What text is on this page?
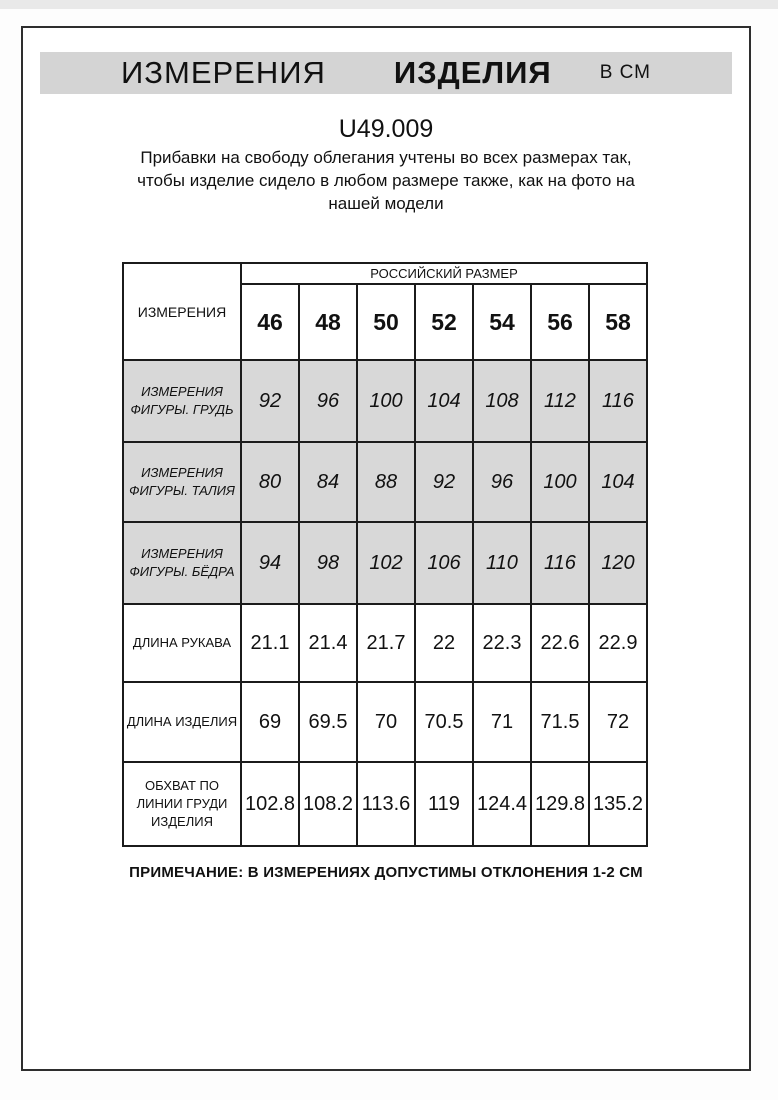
ИЗМЕРЕНИЯ ИЗДЕЛИЯ	В СМ
U49.009
Прибавки на свободу облегания учтены во всех размерах так,
чтобы изделие сидело в любом размере также, как на фото на
нашей модели
ИЗМЕРЕНИЯ	РОССИЙСКИЙ РАЗМЕР						
	46	48	50	52	54	56	58
ИЗМЕРЕНИЯ ФИГУРЫ. ГРУДЬ	92	96	100	104	108	112	116
ИЗМЕРЕНИЯ ФИГУРЫ. ТАЛИЯ	80	84	88	92	96	100	104
ИЗМЕРЕНИЯ ФИГУРЫ. БЁДРА	94	98	102	106	110	116	120
ДЛИНА РУКАВА	21.1	21.4	21.7	22	22.3	22.6	22.9
ДЛИНА ИЗДЕЛИЯ	69	69.5	70	70.5	71	71.5	72
ОБХВАТ ПО ЛИНИИ ГРУДИ ИЗДЕЛИЯ	102.8	108.2	113.6	119	124.4	129.8	135.2
ПРИМЕЧАНИЕ: В ИЗМЕРЕНИЯХ ДОПУСТИМЫ ОТКЛОНЕНИЯ 1-2 СМ
